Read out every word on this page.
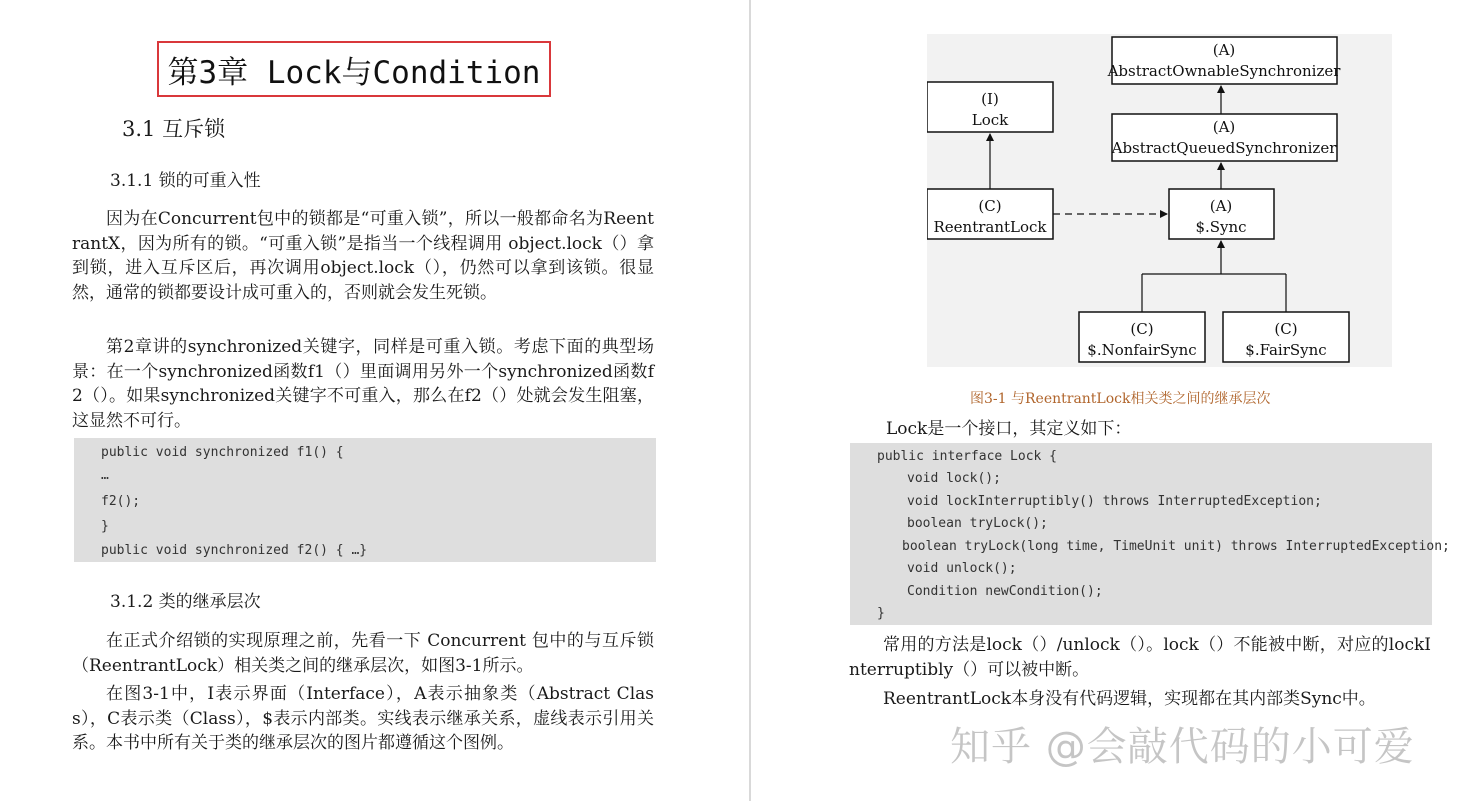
第3章 Lock与Condition
3.1 互斥锁
3.1.1 锁的可重入性
因为在Concurrent包中的锁都是“可重入锁”，所以一般都命名为ReentrantX，因为所有的锁。“可重入锁”是指当一个线程调用 object.lock（）拿到锁，进入互斥区后，再次调用object.lock（），仍然可以拿到该锁。很显然，通常的锁都要设计成可重入的，否则就会发生死锁。
第2章讲的synchronized关键字，同样是可重入锁。考虑下面的典型场景：在一个synchronized函数f1（）里面调用另外一个synchronized函数f2（）。如果synchronized关键字不可重入，那么在f2（）处就会发生阻塞，这显然不可行。
public void synchronized f1() {
…
f2();
}
public void synchronized f2() { …}
3.1.2 类的继承层次
在正式介绍锁的实现原理之前，先看一下 Concurrent 包中的与互斥锁（ReentrantLock）相关类之间的继承层次，如图3-1所示。
在图3-1中，I表示界面（Interface），A表示抽象类（Abstract Class），C表示类（Class），$表示内部类。实线表示继承关系，虚线表示引用关系。本书中所有关于类的继承层次的图片都遵循这个图例。
(A)
AbstractOwnableSynchronizer
(A)
AbstractQueuedSynchronizer
(I)
Lock
(C)
ReentrantLock
(A)
$.Sync
(C)
$.NonfairSync
(C)
$.FairSync
图3-1 与ReentrantLock相关类之间的继承层次
Lock是一个接口，其定义如下：
public interface Lock {
void lock();
void lockInterruptibly() throws InterruptedException;
boolean tryLock();
boolean tryLock(long time, TimeUnit unit) throws InterruptedException;
void unlock();
Condition newCondition();
}
常用的方法是lock（）/unlock（）。lock（）不能被中断，对应的lockInterruptibly（）可以被中断。
ReentrantLock本身没有代码逻辑，实现都在其内部类Sync中。
知乎 @会敲代码的小可爱
